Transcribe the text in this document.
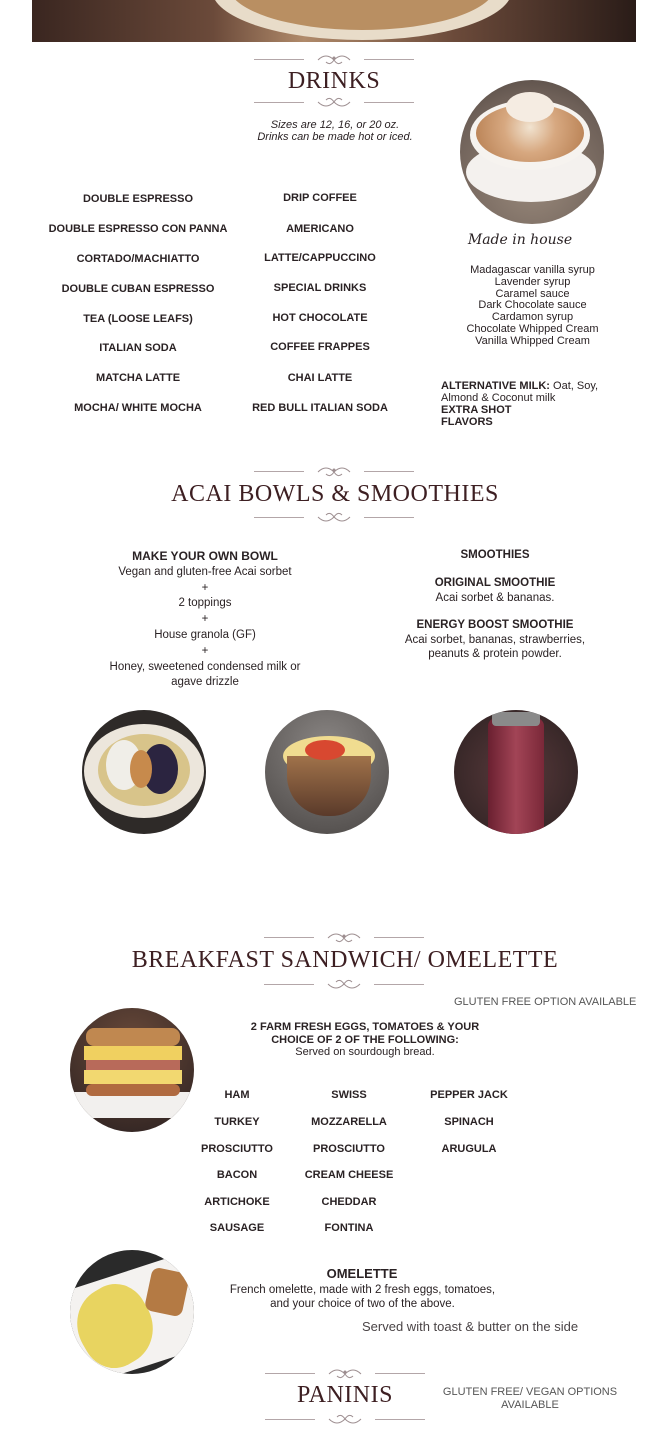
DRINKS
Sizes are 12, 16, or 20 oz.
Drinks can be made hot or iced.
DOUBLE ESPRESSO
DOUBLE ESPRESSO CON PANNA
CORTADO/MACHIATTO
DOUBLE CUBAN ESPRESSO
TEA (LOOSE LEAFS)
ITALIAN SODA
MATCHA LATTE
MOCHA/ WHITE MOCHA
DRIP COFFEE
AMERICANO
LATTE/CAPPUCCINO
SPECIAL DRINKS
HOT CHOCOLATE
COFFEE FRAPPES
CHAI LATTE
RED BULL ITALIAN SODA
Made in house
Madagascar vanilla syrup
Lavender syrup
Caramel sauce
Dark Chocolate sauce
Cardamon syrup
Chocolate Whipped Cream
Vanilla Whipped Cream
ALTERNATIVE MILK: Oat, Soy,
Almond & Coconut milk
EXTRA SHOT
FLAVORS
ACAI BOWLS & SMOOTHIES
MAKE YOUR OWN BOWL
Vegan and gluten-free Acai sorbet
+
2 toppings
+
House granola (GF)
+
Honey, sweetened condensed milk or
agave drizzle
SMOOTHIES
ORIGINAL SMOOTHIE
Acai sorbet & bananas.
ENERGY BOOST SMOOTHIE
Acai sorbet, bananas, strawberries,
peanuts & protein powder.
BREAKFAST SANDWICH/ OMELETTE
GLUTEN FREE OPTION AVAILABLE
2 FARM FRESH EGGS, TOMATOES & YOUR
CHOICE OF 2 OF THE FOLLOWING:
Served on sourdough bread.
HAM
TURKEY
PROSCIUTTO
BACON
ARTICHOKE
SAUSAGE
SWISS
MOZZARELLA
PROSCIUTTO
CREAM CHEESE
CHEDDAR
FONTINA
PEPPER JACK
SPINACH
ARUGULA
OMELETTE
French omelette, made with 2 fresh eggs, tomatoes,
and your choice of two of the above.
Served with toast & butter on the side
PANINIS	GLUTEN FREE/ VEGAN OPTIONS
AVAILABLE
